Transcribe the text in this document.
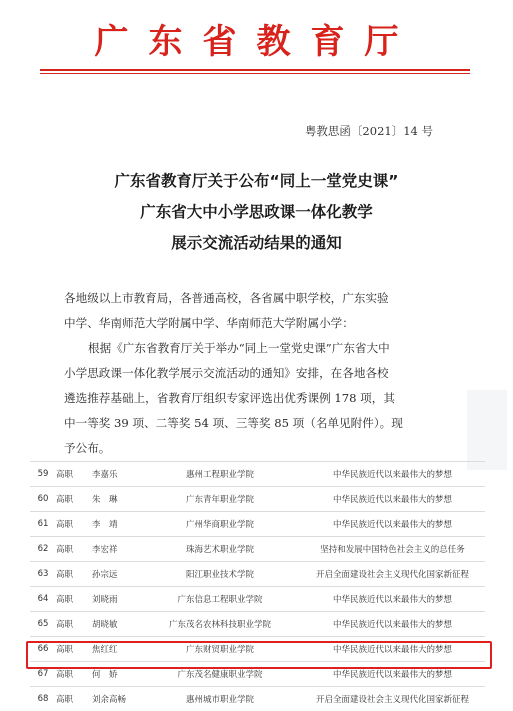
广东省教育厅
粤教思函〔2021〕14 号
广东省教育厅关于公布“同上一堂党史课”
广东省大中小学思政课一体化教学
展示交流活动结果的通知
各地级以上市教育局，各普通高校，各省属中职学校，广东实验
中学、华南师范大学附属中学、华南师范大学附属小学：
根据《广东省教育厅关于举办“同上一堂党史课”广东省大中
小学思政课一体化教学展示交流活动的通知》安排，在各地各校
遴选推荐基础上，省教育厅组织专家评选出优秀课例 178 项，其
中一等奖 39 项、二等奖 54 项、三等奖 85 项（名单见附件）。现
予公布。
59	高职	李嘉乐	惠州工程职业学院	中华民族近代以来最伟大的梦想
60	高职	朱　琳	广东青年职业学院	中华民族近代以来最伟大的梦想
61	高职	李　靖	广州华商职业学院	中华民族近代以来最伟大的梦想
62	高职	李宏祥	珠海艺术职业学院	坚持和发展中国特色社会主义的总任务
63	高职	孙宗远	阳江职业技术学院	开启全面建设社会主义现代化国家新征程
64	高职	刘晓雨	广东信息工程职业学院	中华民族近代以来最伟大的梦想
65	高职	胡晓敏	广东茂名农林科技职业学院	中华民族近代以来最伟大的梦想
66	高职	焦红红	广东财贸职业学院	中华民族近代以来最伟大的梦想
67	高职	何　娇	广东茂名健康职业学院	中华民族近代以来最伟大的梦想
68	高职	刘余高畅	惠州城市职业学院	开启全面建设社会主义现代化国家新征程
